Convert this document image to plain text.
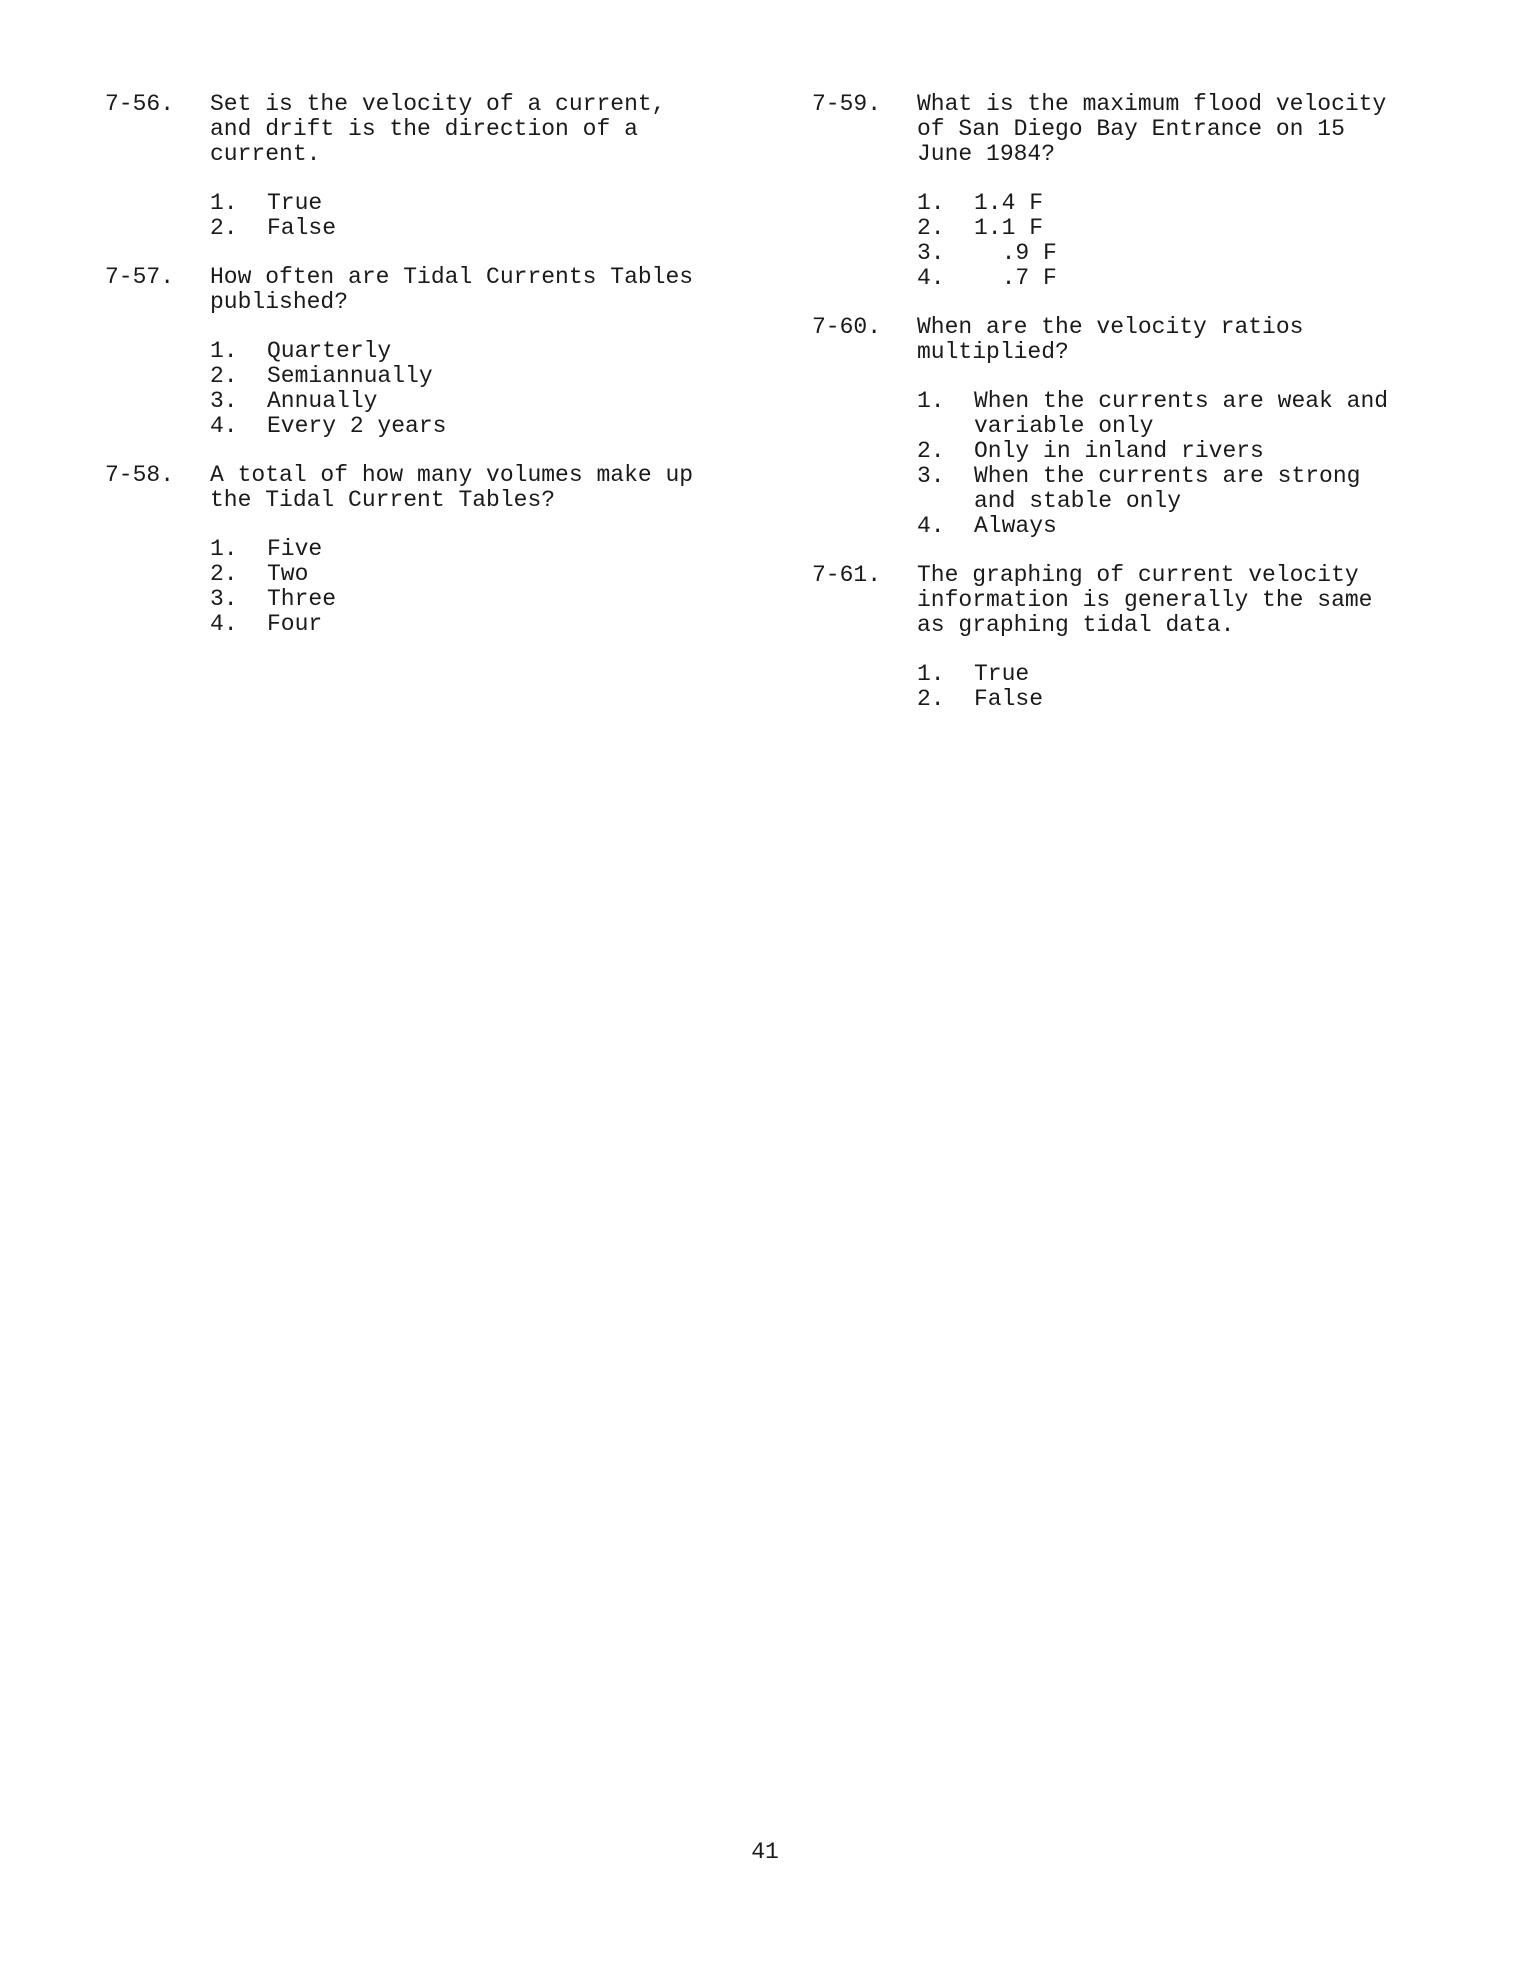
7-56.	Set is the velocity of a current,
and drift is the direction of a
current.
1.	True
2.	False
7-57.	How often are Tidal Currents Tables
published?
1.	Quarterly
2.	Semiannually
3.	Annually
4.	Every 2 years
7-58.	A total of how many volumes make up
the Tidal Current Tables?
1.	Five
2.	Two
3.	Three
4.	Four
7-59.	What is the maximum flood velocity
of San Diego Bay Entrance on 15
June 1984?
1.	1.4 F
2.	1.1 F
3.	.9 F
4.	.7 F
7-60.	When are the velocity ratios
multiplied?
1.	When the currents are weak and
variable only
2.	Only in inland rivers
3.	When the currents are strong
and stable only
4.	Always
7-61.	The graphing of current velocity
information is generally the same
as graphing tidal data.
1.	True
2.	False
41
